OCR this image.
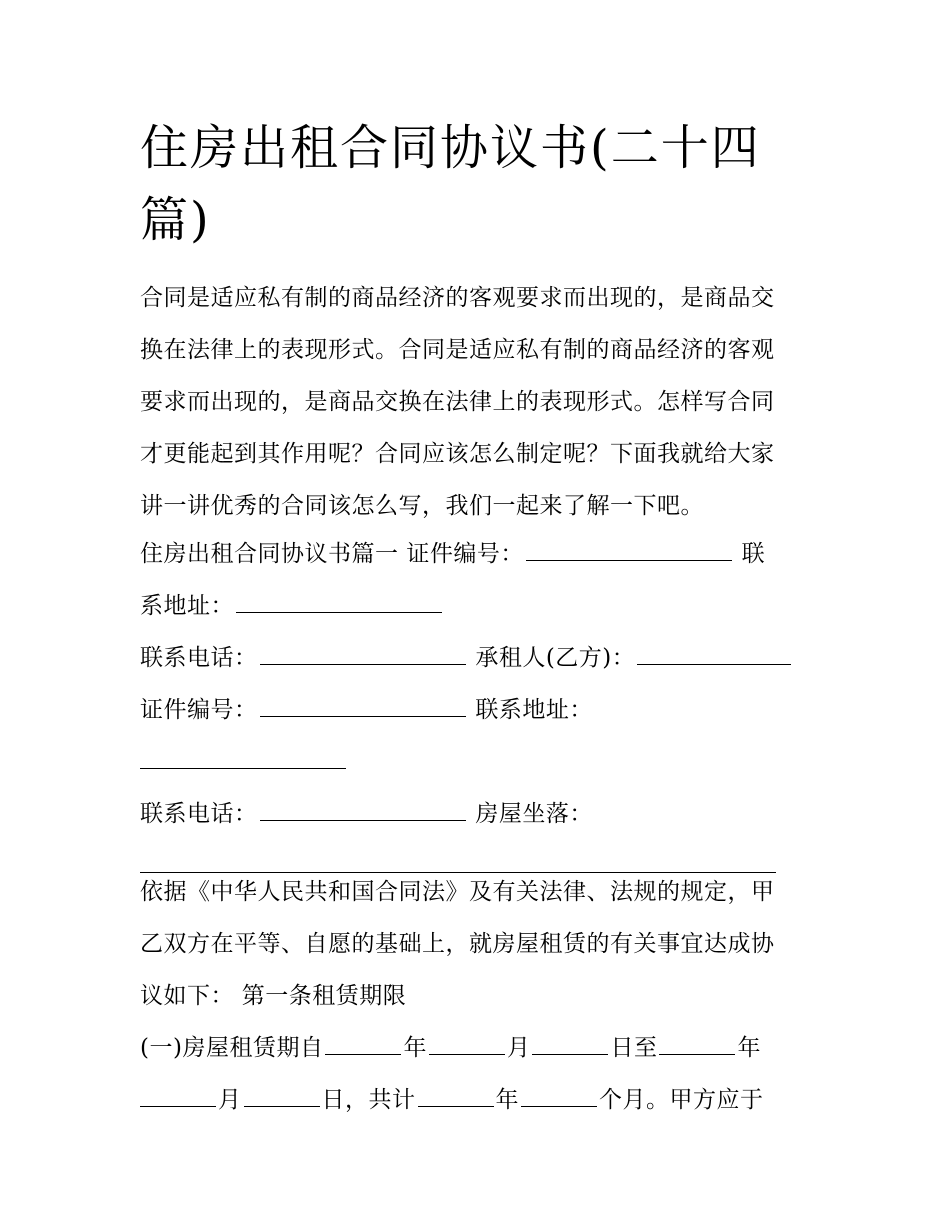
住房出租合同协议书(二十四
篇)
合同是适应私有制的商品经济的客观要求而出现的，是商品交
换在法律上的表现形式。合同是适应私有制的商品经济的客观
要求而出现的，是商品交换在法律上的表现形式。怎样写合同
才更能起到其作用呢？合同应该怎么制定呢？下面我就给大家
讲一讲优秀的合同该怎么写，我们一起来了解一下吧。
住房出租合同协议书篇一 证件编号：	联
系地址：
联系电话：	承租人(乙方)：
证件编号：	联系地址：
联系电话：	房屋坐落：
依据《中华人民共和国合同法》及有关法律、法规的规定，甲
乙双方在平等、自愿的基础上，就房屋租赁的有关事宜达成协
议如下： 第一条租赁期限
(一)房屋租赁期自	年	月	日至	年
月	日，共计	年	个月。甲方应于
